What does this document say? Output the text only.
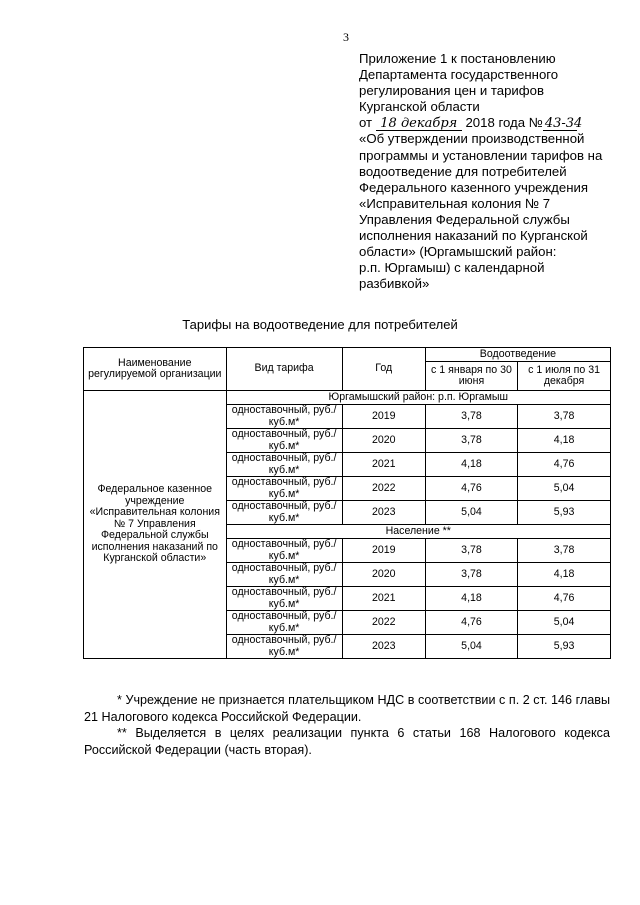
3
Приложение 1 к постановлению
Департамента государственного
регулирования цен и тарифов
Курганской области
от 18 декабря 2018 года № 43-34
«Об утверждении производственной
программы и установлении тарифов на
водоотведение для потребителей
Федерального казенного учреждения
«Исправительная колония № 7
Управления Федеральной службы
исполнения наказаний по Курганской
области» (Юргамышский район:
р.п. Юргамыш) с календарной
разбивкой»
Тарифы на водоотведение для потребителей
Наименование регулируемой организации	Вид тарифа	Год	Водоотведение	
			с 1 января по 30 июня	с 1 июля по 31 декабря
Федеральное казенное учреждение «Исправительная колония № 7 Управления Федеральной службы исполнения наказаний по Курганской области»	Юргамышский район: р.п. Юргамыш			
	одноставочный, руб./куб.м*	2019	3,78	3,78
	одноставочный, руб./куб.м*	2020	3,78	4,18
	одноставочный, руб./куб.м*	2021	4,18	4,76
	одноставочный, руб./куб.м*	2022	4,76	5,04
	одноставочный, руб./куб.м*	2023	5,04	5,93
	Население **			
	одноставочный, руб./куб.м*	2019	3,78	3,78
	одноставочный, руб./куб.м*	2020	3,78	4,18
	одноставочный, руб./куб.м*	2021	4,18	4,76
	одноставочный, руб./куб.м*	2022	4,76	5,04
	одноставочный, руб./куб.м*	2023	5,04	5,93

* Учреждение не признается плательщиком НДС в соответствии с п. 2 ст. 146 главы 21 Налогового кодекса Российской Федерации.

** Выделяется в целях реализации пункта 6 статьи 168 Налогового кодекса Российской Федерации (часть вторая).
